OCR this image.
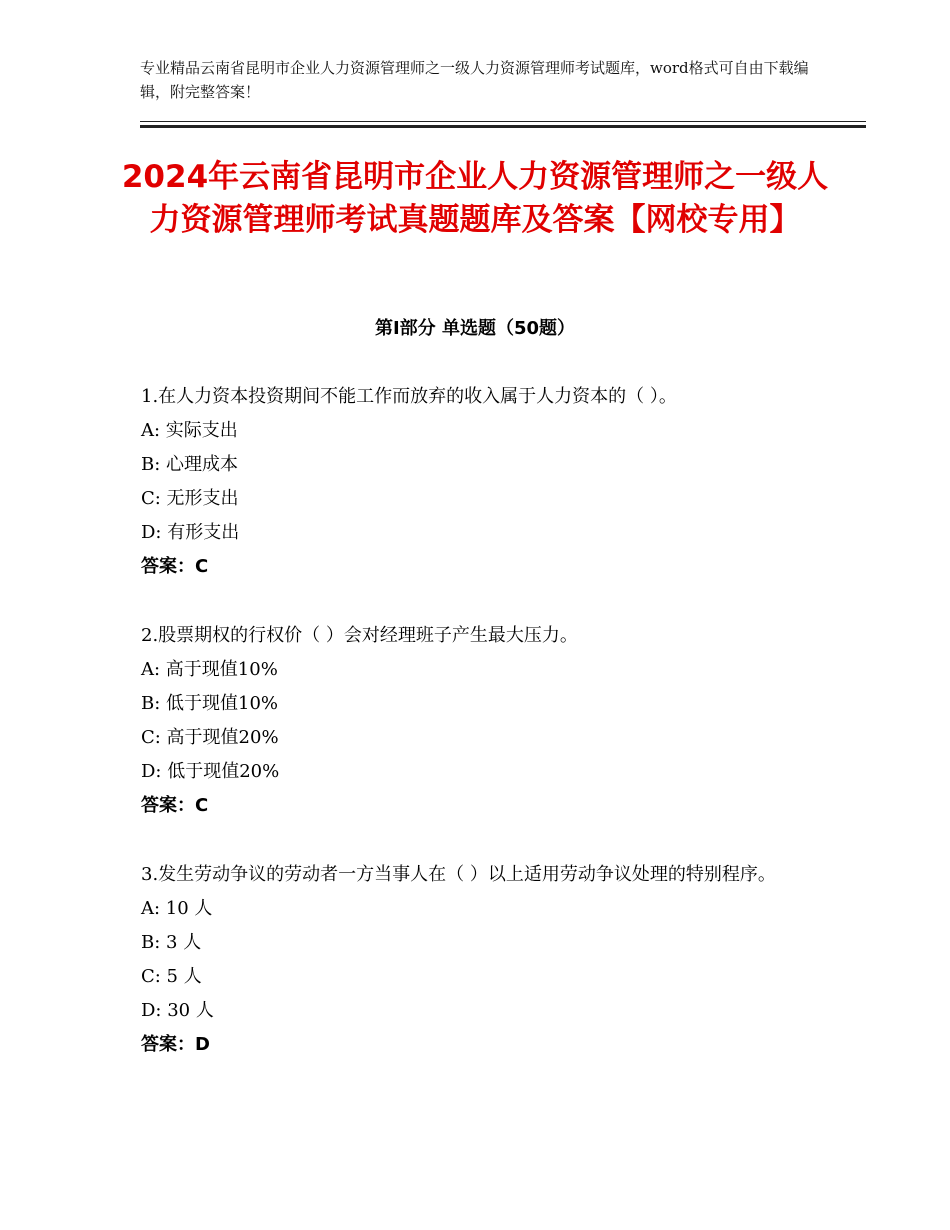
专业精品云南省昆明市企业人力资源管理师之一级人力资源管理师考试题库，word格式可自由下载编辑，附完整答案！
2024年云南省昆明市企业人力资源管理师之一级人力资源管理师考试真题题库及答案【网校专用】
第Ⅰ部分 单选题（50题）

1.在人力资本投资期间不能工作而放弃的收入属于人力资本的（ ）。

A: 实际支出
B: 心理成本
C: 无形支出
D: 有形支出
答案：C

2.股票期权的行权价（ ）会对经理班子产生最大压力。

A: 高于现值10%
B: 低于现值10%
C: 高于现值20%
D: 低于现值20%
答案：C

3.发生劳动争议的劳动者一方当事人在（ ）以上适用劳动争议处理的特别程序。

A: 10 人
B: 3 人
C: 5 人
D: 30 人
答案：D
